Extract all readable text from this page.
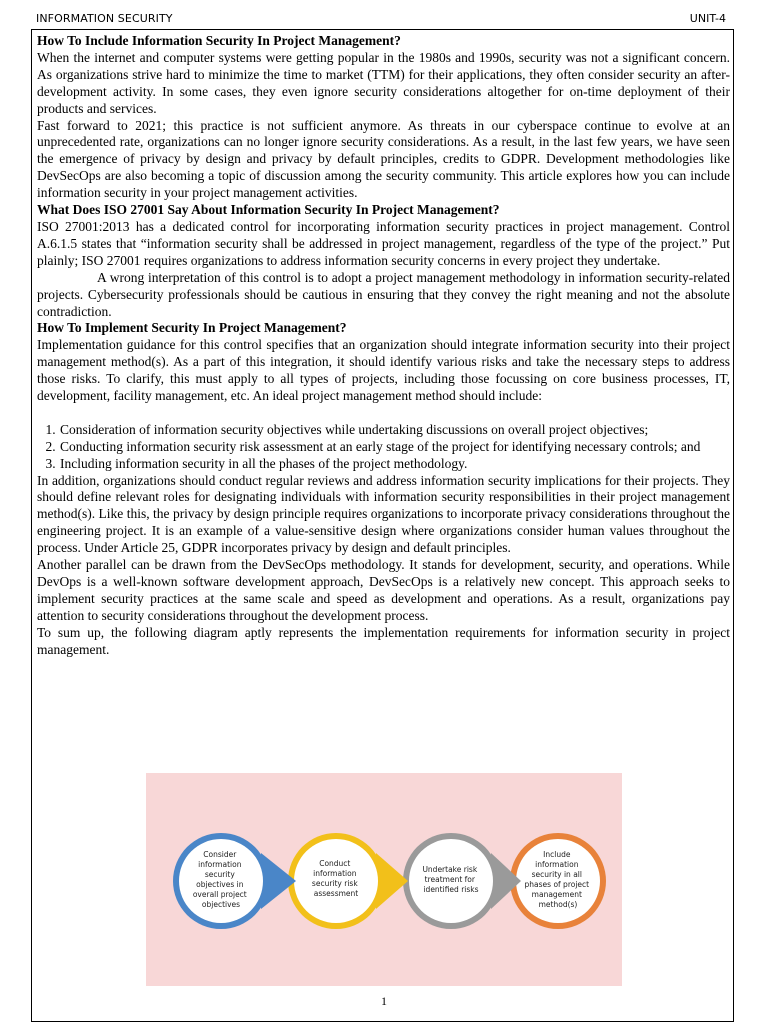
INFORMATION SECURITY	UNIT-4
How To Include Information Security In Project Management?

When the internet and computer systems were getting popular in the 1980s and 1990s, security was not a significant concern. As organizations strive hard to minimize the time to market (TTM) for their applications, they often consider security an after-development activity. In some cases, they even ignore security considerations altogether for on-time deployment of their products and services.

Fast forward to 2021; this practice is not sufficient anymore. As threats in our cyberspace continue to evolve at an unprecedented rate, organizations can no longer ignore security considerations. As a result, in the last few years, we have seen the emergence of privacy by design and privacy by default principles, credits to GDPR. Development methodologies like DevSecOps are also becoming a topic of discussion among the security community. This article explores how you can include information security in your project management activities.

What Does ISO 27001 Say About Information Security In Project Management?

ISO 27001:2013 has a dedicated control for incorporating information security practices in project management. Control A.6.1.5 states that “information security shall be addressed in project management, regardless of the type of the project.” Put plainly; ISO 27001 requires organizations to address information security concerns in every project they undertake.

A wrong interpretation of this control is to adopt a project management methodology in information security-related projects. Cybersecurity professionals should be cautious in ensuring that they convey the right meaning and not the absolute contradiction.

How To Implement Security In Project Management?

Implementation guidance for this control specifies that an organization should integrate information security into their project management method(s). As a part of this integration, it should identify various risks and take the necessary steps to address those risks. To clarify, this must apply to all types of projects, including those focussing on core business processes, IT, development, facility management, etc. An ideal project management method should include:

1. Consideration of information security objectives while undertaking discussions on overall project objectives;
2. Conducting information security risk assessment at an early stage of the project for identifying necessary controls; and
3. Including information security in all the phases of the project methodology.

In addition, organizations should conduct regular reviews and address information security implications for their projects. They should define relevant roles for designating individuals with information security responsibilities in their project management method(s). Like this, the privacy by design principle requires organizations to incorporate privacy considerations throughout the engineering project. It is an example of a value-sensitive design where organizations consider human values throughout the process. Under Article 25, GDPR incorporates privacy by design and default principles.

Another parallel can be drawn from the DevSecOps methodology. It stands for development, security, and operations. While DevOps is a well-known software development approach, DevSecOps is a relatively new concept. This approach seeks to implement security practices at the same scale and speed as development and operations. As a result, organizations pay attention to security considerations throughout the development process.

To sum up, the following diagram aptly represents the implementation requirements for information security in project management.

Consider information security objectives in overall project objectives
Conduct information security risk assessment
Undertake risk treatment for identified risks
Include information security in all phases of project management method(s)
1
